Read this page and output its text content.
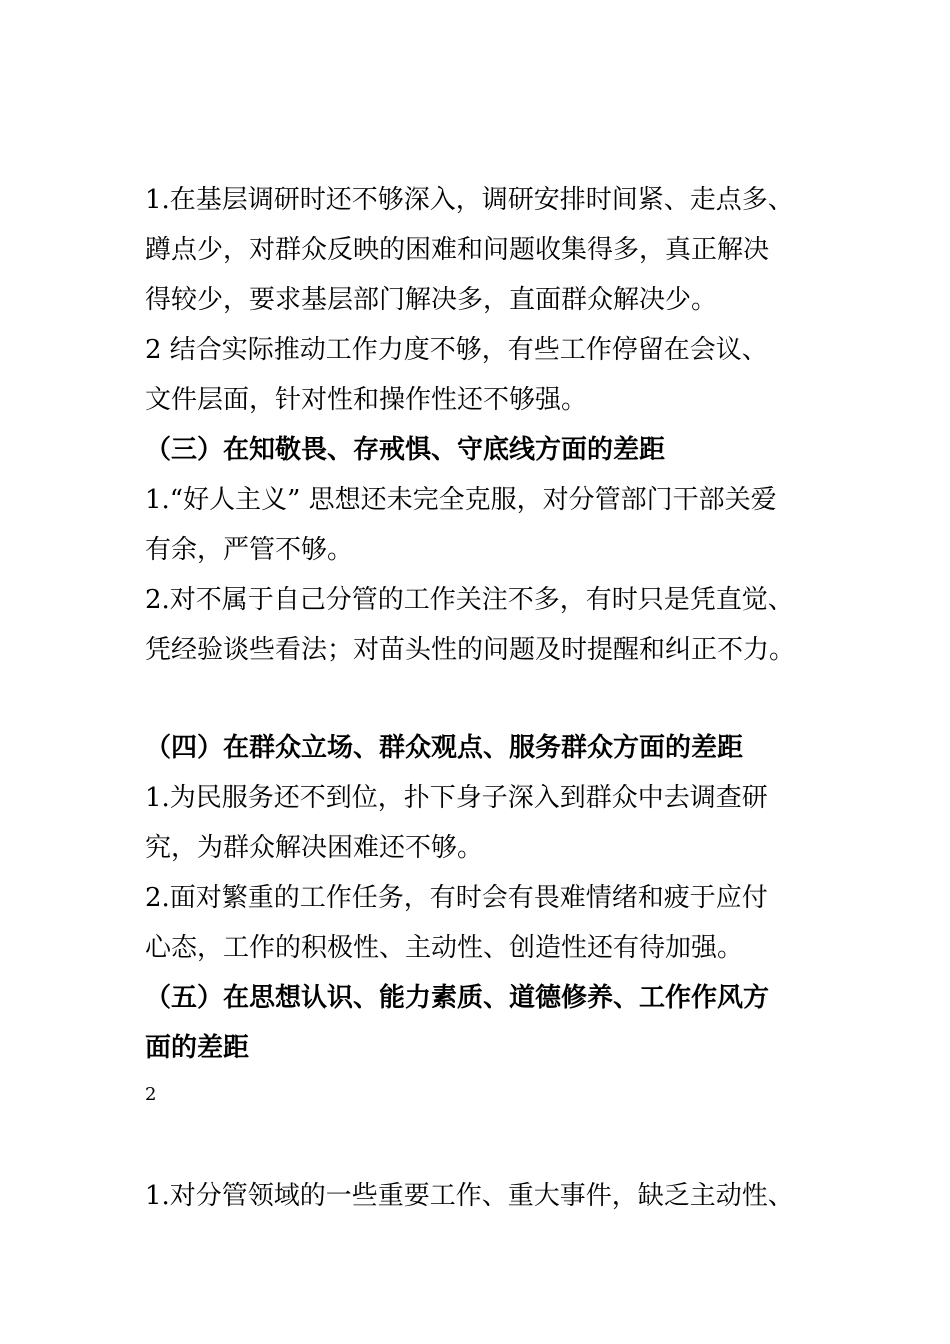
1.在基层调研时还不够深入，调研安排时间紧、走点多、
蹲点少，对群众反映的困难和问题收集得多，真正解决
得较少，要求基层部门解决多，直面群众解决少。
2 结合实际推动工作力度不够，有些工作停留在会议、
文件层面，针对性和操作性还不够强。
（三）在知敬畏、存戒惧、守底线方面的差距
1.“好人主义” 思想还未完全克服，对分管部门干部关爱
有余，严管不够。
2.对不属于自己分管的工作关注不多，有时只是凭直觉、
凭经验谈些看法；对苗头性的问题及时提醒和纠正不力。
（四）在群众立场、群众观点、服务群众方面的差距
1.为民服务还不到位，扑下身子深入到群众中去调查研
究，为群众解决困难还不够。
2.面对繁重的工作任务，有时会有畏难情绪和疲于应付
心态，工作的积极性、主动性、创造性还有待加强。
（五）在思想认识、能力素质、道德修养、工作作风方
面的差距
2
1.对分管领域的一些重要工作、重大事件，缺乏主动性、
